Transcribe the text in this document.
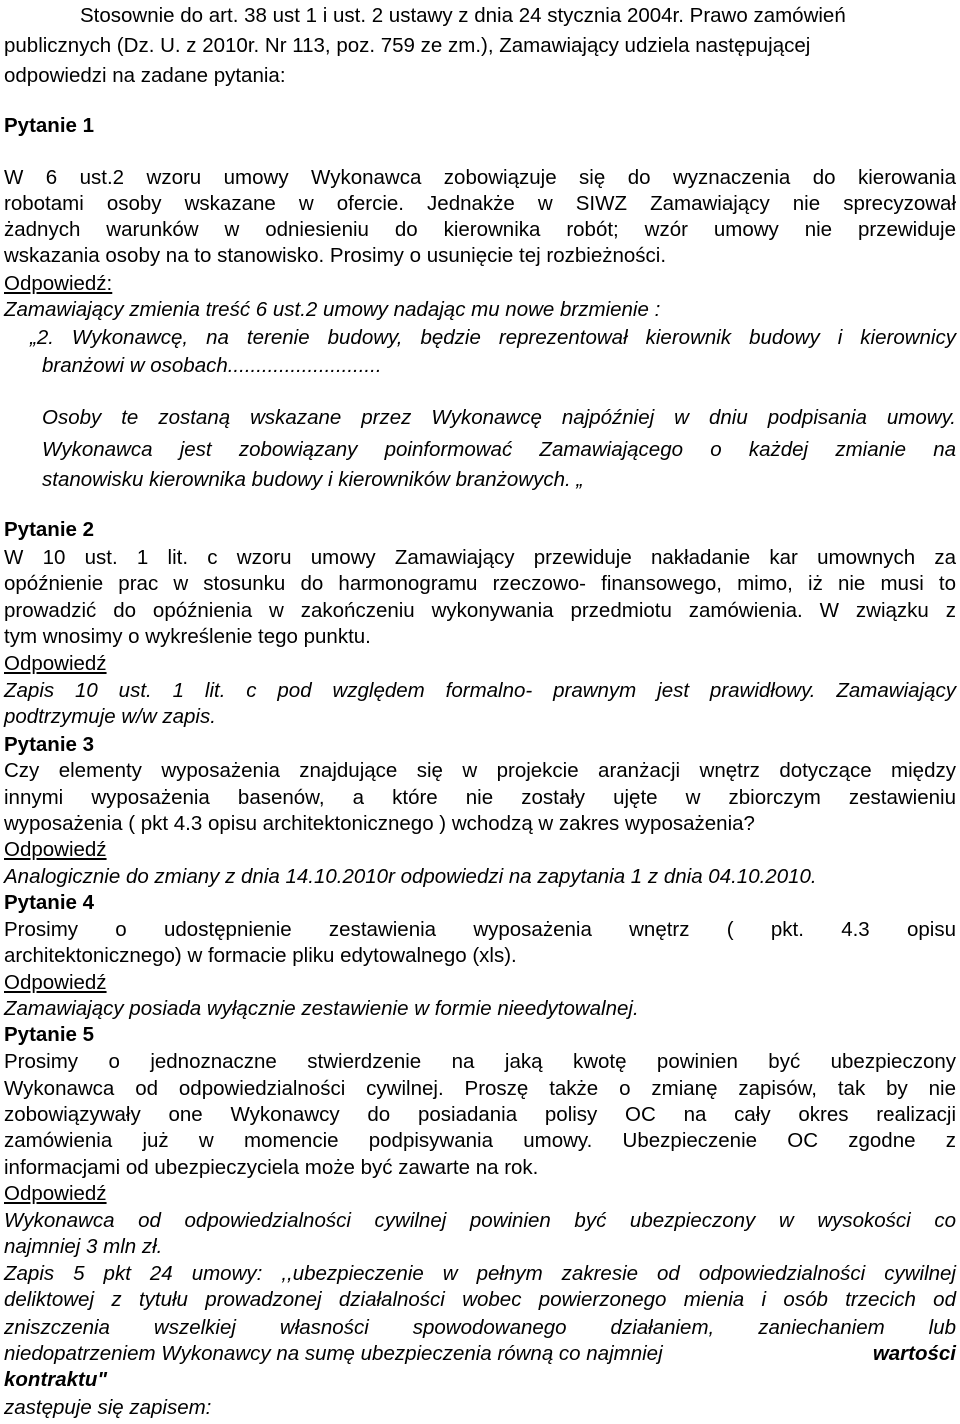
Stosownie do art. 38 ust 1 i ust. 2 ustawy z dnia 24 stycznia 2004r. Prawo zamówień
publicznych (Dz. U. z 2010r. Nr 113, poz. 759 ze zm.), Zamawiający udziela następującej
odpowiedzi na zadane pytania:
Pytanie 1
W 6 ust.2 wzoru umowy Wykonawca zobowiązuje się do wyznaczenia do kierowania
robotami osoby wskazane w ofercie. Jednakże w SIWZ Zamawiający nie sprecyzował
żadnych warunków w odniesieniu do kierownika robót; wzór umowy nie przewiduje
wskazania osoby na to stanowisko. Prosimy o usunięcie tej rozbieżności.
Odpowiedź:
Zamawiający zmienia treść 6 ust.2 umowy nadając mu nowe brzmienie :
„2. Wykonawcę, na terenie budowy, będzie reprezentował kierownik budowy i kierownicy
branżowi w osobach...........................
Osoby te zostaną wskazane przez Wykonawcę najpóźniej w dniu podpisania umowy.
Wykonawca jest zobowiązany poinformować Zamawiającego o każdej zmianie na
stanowisku kierownika budowy i kierowników branżowych. „
Pytanie 2
W 10 ust. 1 lit. c wzoru umowy Zamawiający przewiduje nakładanie kar umownych za
opóźnienie prac w stosunku do harmonogramu rzeczowo- finansowego, mimo, iż nie musi to
prowadzić do opóźnienia w zakończeniu wykonywania przedmiotu zamówienia. W związku z
tym wnosimy o wykreślenie tego punktu.
Odpowiedź
Zapis 10 ust. 1 lit. c pod względem formalno- prawnym jest prawidłowy. Zamawiający
podtrzymuje w/w zapis.
Pytanie 3
Czy elementy wyposażenia znajdujące się w projekcie aranżacji wnętrz dotyczące między
innymi wyposażenia basenów, a które nie zostały ujęte w zbiorczym zestawieniu
wyposażenia ( pkt 4.3 opisu architektonicznego ) wchodzą w zakres wyposażenia?
Odpowiedź
Analogicznie do zmiany z dnia 14.10.2010r odpowiedzi na zapytania 1 z dnia 04.10.2010.
Pytanie 4
Prosimy o udostępnienie zestawienia wyposażenia wnętrz ( pkt. 4.3 opisu
architektonicznego) w formacie pliku edytowalnego (xls).
Odpowiedź
Zamawiający posiada wyłącznie zestawienie w formie nieedytowalnej.
Pytanie 5
Prosimy o jednoznaczne stwierdzenie na jaką kwotę powinien być ubezpieczony
Wykonawca od odpowiedzialności cywilnej. Proszę także o zmianę zapisów, tak by nie
zobowiązywały one Wykonawcy do posiadania polisy OC na cały okres realizacji
zamówienia już w momencie podpisywania umowy. Ubezpieczenie OC zgodne z
informacjami od ubezpieczyciela może być zawarte na rok.
Odpowiedź
Wykonawca od odpowiedzialności cywilnej powinien być ubezpieczony w wysokości co
najmniej 3 mln zł.
Zapis 5 pkt 24 umowy: ,,ubezpieczenie w pełnym zakresie od odpowiedzialności cywilnej
deliktowej z tytułu prowadzonej działalności wobec powierzonego mienia i osób trzecich od
zniszczenia wszelkiej własności spowodowanego działaniem, zaniechaniem lub
niedopatrzeniem Wykonawcy na sumę ubezpieczenia równą co najmniej	wartości
kontraktu"
zastępuje się zapisem:
